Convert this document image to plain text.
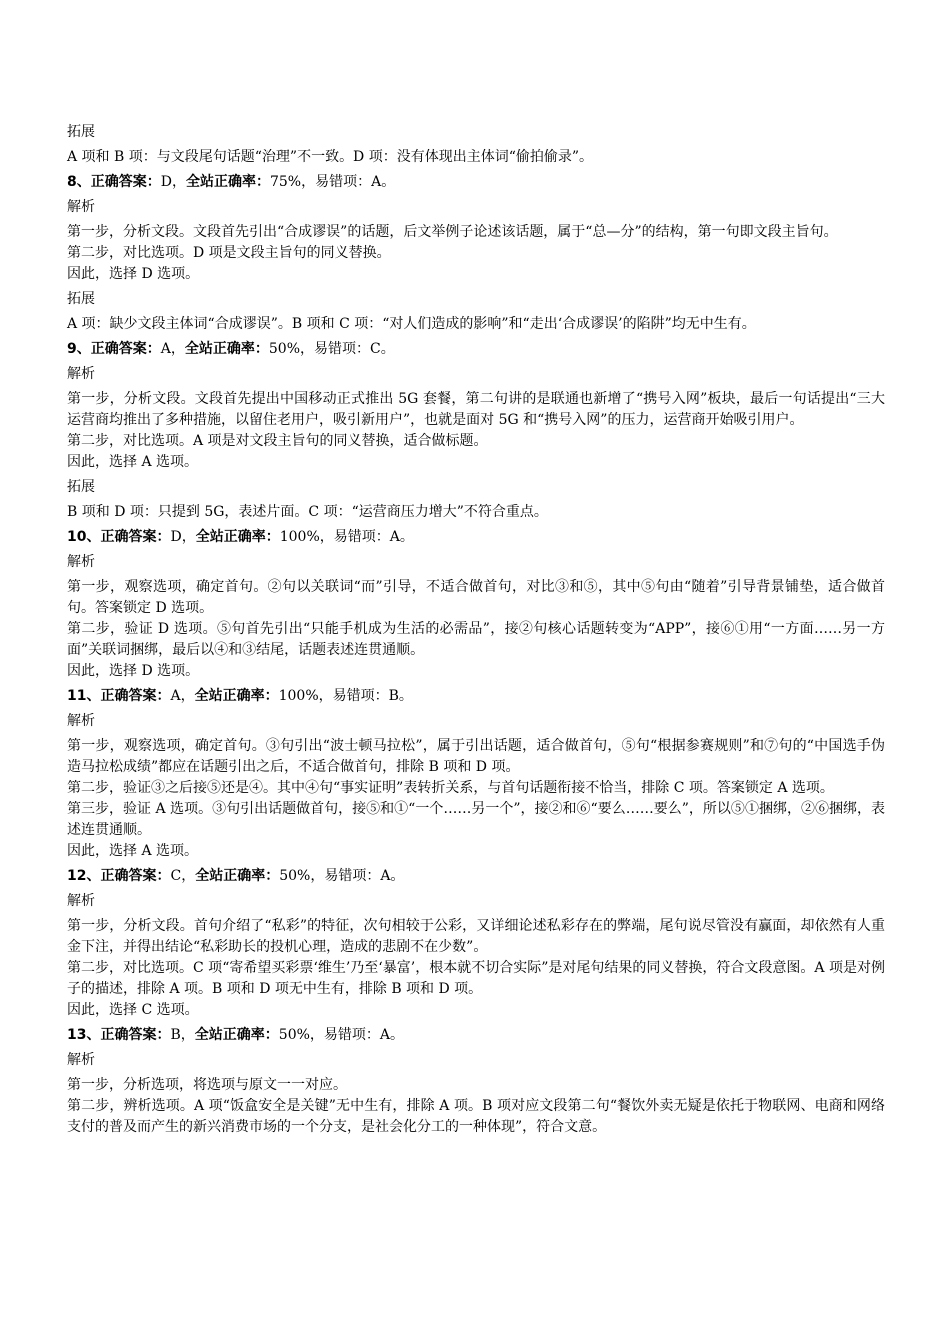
拓展

A 项和 B 项：与文段尾句话题“治理”不一致。D 项：没有体现出主体词“偷拍偷录”。

8、正确答案：D，全站正确率：75%，易错项：A。

解析

第一步，分析文段。文段首先引出“合成谬误”的话题，后文举例子论述该话题，属于“总—分”的结构，第一句即文段主旨句。

第二步，对比选项。D 项是文段主旨句的同义替换。

因此，选择 D 选项。

拓展

A 项：缺少文段主体词“合成谬误”。B 项和 C 项：“对人们造成的影响”和“走出‘合成谬误’的陷阱”均无中生有。

9、正确答案：A，全站正确率：50%，易错项：C。

解析

第一步，分析文段。文段首先提出中国移动正式推出 5G 套餐，第二句讲的是联通也新增了“携号入网”板块，最后一句话提出“三大运营商均推出了多种措施，以留住老用户，吸引新用户”，也就是面对 5G 和“携号入网”的压力，运营商开始吸引用户。

第二步，对比选项。A 项是对文段主旨句的同义替换，适合做标题。

因此，选择 A 选项。

拓展

B 项和 D 项：只提到 5G，表述片面。C 项：“运营商压力增大”不符合重点。

10、正确答案：D，全站正确率：100%，易错项：A。

解析

第一步，观察选项，确定首句。②句以关联词“而”引导，不适合做首句，对比③和⑤，其中⑤句由“随着”引导背景铺垫，适合做首句。答案锁定 D 选项。

第二步，验证 D 选项。⑤句首先引出“只能手机成为生活的必需品”，接②句核心话题转变为“APP”，接⑥①用“一方面……另一方面”关联词捆绑，最后以④和③结尾，话题表述连贯通顺。

因此，选择 D 选项。

11、正确答案：A，全站正确率：100%，易错项：B。

解析

第一步，观察选项，确定首句。③句引出“波士顿马拉松”，属于引出话题，适合做首句，⑤句“根据参赛规则”和⑦句的“中国选手伪造马拉松成绩”都应在话题引出之后，不适合做首句，排除 B 项和 D 项。

第二步，验证③之后接⑤还是④。其中④句“事实证明”表转折关系，与首句话题衔接不恰当，排除 C 项。答案锁定 A 选项。

第三步，验证 A 选项。③句引出话题做首句，接⑤和①“一个……另一个”，接②和⑥“要么……要么”，所以⑤①捆绑，②⑥捆绑，表述连贯通顺。

因此，选择 A 选项。

12、正确答案：C，全站正确率：50%，易错项：A。

解析

第一步，分析文段。首句介绍了“私彩”的特征，次句相较于公彩，又详细论述私彩存在的弊端，尾句说尽管没有赢面，却依然有人重金下注，并得出结论“私彩助长的投机心理，造成的悲剧不在少数”。

第二步，对比选项。C 项“寄希望买彩票‘维生’乃至‘暴富’，根本就不切合实际”是对尾句结果的同义替换，符合文段意图。A 项是对例子的描述，排除 A 项。B 项和 D 项无中生有，排除 B 项和 D 项。

因此，选择 C 选项。

13、正确答案：B，全站正确率：50%，易错项：A。

解析

第一步，分析选项，将选项与原文一一对应。

第二步，辨析选项。A 项“饭盒安全是关键”无中生有，排除 A 项。B 项对应文段第二句“餐饮外卖无疑是依托于物联网、电商和网络支付的普及而产生的新兴消费市场的一个分支，是社会化分工的一种体现”，符合文意。
